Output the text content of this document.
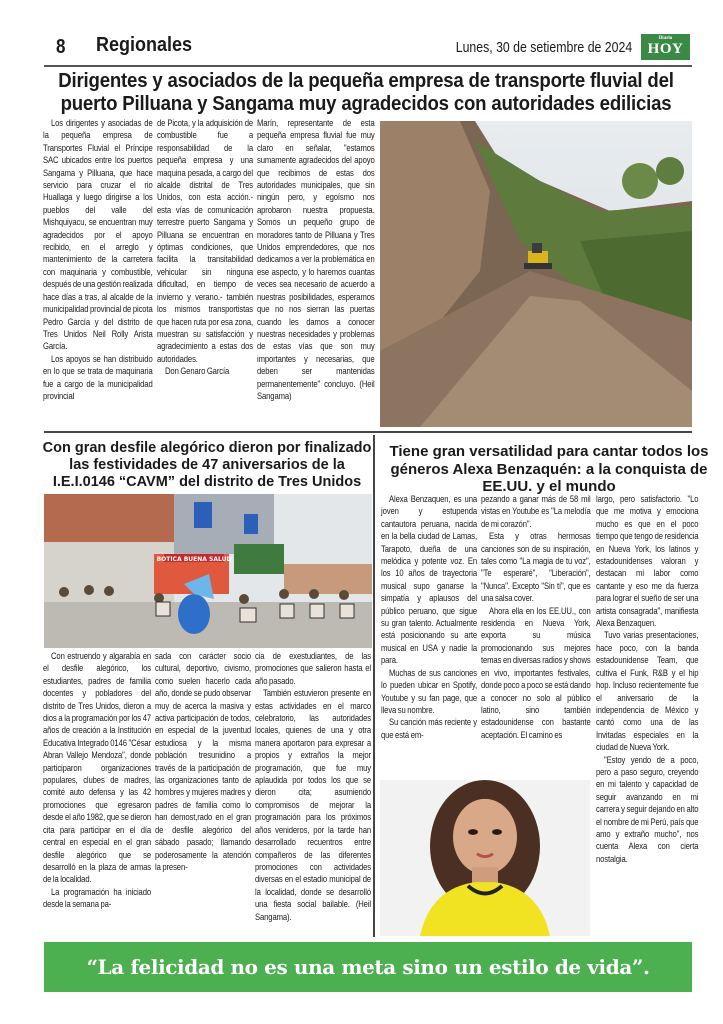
8 Regionales	Lunes, 30 de setiembre de 2024
Diario
HOY
Dirigentes y asociados de la pequeña empresa de transporte fluvial del puerto Pilluana y Sangama muy agradecidos con autoridades edilicias

Los dirigentes y asociadas de la pequeña empresa de Transportes Fluvial el Príncipe SAC ubicados entre los puertos Sangama y Pilluana, que hace servicio para cruzar el rio Huallaga y luego dirigirse a los pueblos del valle del Mishquiyacu, se encuentran muy agradecidos por el apoyo recibido, en el arreglo y mantenimiento de la carretera con maquinaria y combustible, después de una gestión realizada hace días a tras, al alcalde de la municipalidad provincial de picota Pedro García y del distrito de Tres Unidos Neil Rolly Arista García.

Los apoyos se han distribuido en lo que se trata de maquinaria fue a cargo de la municipalidad provincial

de Picota, y la adquisición de combustible fue a responsabilidad de la pequeña empresa y una maquina pesada, a cargo del alcalde distrital de Tres Unidos, con esta acción.- esta vías de comunicación terrestre puerto Sangama y Pilluana se encuentran en óptimas condiciones, que facilita la transitabilidad vehicular sin ninguna dificultad, en tiempo de invierno y verano.- también los mismos transportistas que hacen ruta por esa zona, muestran su satisfacción y agradecimiento a estas dos autoridades.

Don Genaro García

Marín, representante de esta pequeña empresa fluvial fue muy claro en señalar, "estamos sumamente agradecidos del apoyo que recibimos de estas dos autoridades municipales, que sin ningún pero, y egoísmo nos aprobaron nuestra propuesta. Somos un pequeño grupo de moradores tanto de Pilluana y Tres Unidos emprendedores, que nos dedicamos a ver la problemática en ese aspecto, y lo haremos cuantas veces sea necesario de acuerdo a nuestras posibilidades, esperamos que no nos sierran las puertas cuando les damos a conocer nuestras necesidades y problemas de estas vías que son muy importantes y necesarias, que deben ser mantenidas permanentemente" concluyo. (Heil Sangama)

Con gran desfile alegórico dieron por finalizado las festividades de 47 aniversarios de la I.E.I.0146 “CAVM” del distrito de Tres Unidos
BOTICA BUENA SALUD

Con estruendo y algarabía en el desfile alegórico, los estudiantes, padres de familia docentes y pobladores del distrito de Tres Unidos, dieron a dios a la programación por los 47 años de creación a la Institución Educativa Integrado 0146 "César Abran Vallejo Mendoza", donde participaron organizaciones populares, clubes de madres, comité auto defensa y las 42 promociones que egresaron desde el año 1982, que se dieron cita para participar en el día central en especial en el gran desfile alegórico que se desarrolló en la plaza de armas de la localidad.

La programación ha iniciado desde la semana pa-

sada con carácter socio cultural, deportivo, civismo, como suelen hacerlo cada año, donde se pudo observar muy de acerca la masiva y activa participación de todos, en especial de la juventud estudiosa y la misma población tresunidino a través de la participación de las organizaciones tanto de hombres y mujeres madres y padres de familia como lo han demost,rado en el gran de desfile alegórico del sábado pasado; llamando poderosamente la atención la presen-

cia de exestudiantes, de las promociones que salieron hasta el año pasado.

También estuvieron presente en estas actividades en el marco celebratorio, las autoridades locales, quienes de una y otra manera aportaron para expresar a propios y extraños la mejor programación, que fue muy aplaudida por todos los que se dieron cita; asumiendo compromisos de mejorar la programación para los próximos años venideros, por la tarde han desarrollado recuentros entre compañeros de las diferentes promociones con actividades diversas en el estadio municipal de la localidad, donde se desarrolló una fiesta social bailable. (Heil Sangama).

Tiene gran versatilidad para cantar todos los géneros Alexa Benzaquén: a la conquista de EE.UU. y el mundo

Alexa Benzaquen, es una joven y estupenda cantautora peruana, nacida en la bella ciudad de Lamas, Tarapoto, dueña de una melódica y potente voz. En los 10 años de trayectoria musical supo ganarse la simpatía y aplausos del público peruano, que sigue su gran talento. Actualmente está posicionando su arte musical en USA y nadie la para.

Muchas de sus canciones lo pueden ubicar en Spotify, Youtube y su fan page, que lleva su nombre.

Su canción más reciente y que está em-

pezando a ganar más de 58 mil vistas en Youtube es "La melodía de mi corazón".

Esta y otras hermosas canciones son de su inspiración, tales como "La magia de tu voz", "Te esperaré", "Liberación", "Nunca". Excepto "Sin tí", que es una salsa cover.

Ahora ella en los EE.UU., con residencia en Nueva York, exporta su música promocionando sus mejores temas en diversas radios y shows en vivo, importantes festivales, donde poco a poco se está dando a conocer no solo al público latino, sino también estadounidense con bastante aceptación. El camino es

largo, pero satisfactorio. "Lo que me motiva y emociona mucho es que en el poco tiempo que tengo de residencia en Nueva York, los latinos y estadounidenses valoran y destacan mi labor como cantante y eso me da fuerza para lograr el sueño de ser una artista consagrada", manifiesta Alexa Benzaquen.

Tuvo varias presentaciones, hace poco, con la banda estadounidense Team, que cultiva el Funk, R&B y el hip hop. Incluso recientemente fue el aniversario de la independencia de México y cantó como una de las Invitadas especiales en la ciudad de Nueva York.

"Estoy yendo de a poco, pero a paso seguro, creyendo en mi talento y capacidad de seguir avanzando en mi carrera y seguir dejando en alto el nombre de mi Perú, país que amo y extraño mucho", nos cuenta Alexa con cierta nostalgia.

“La felicidad no es una meta sino un estilo de vida”.
